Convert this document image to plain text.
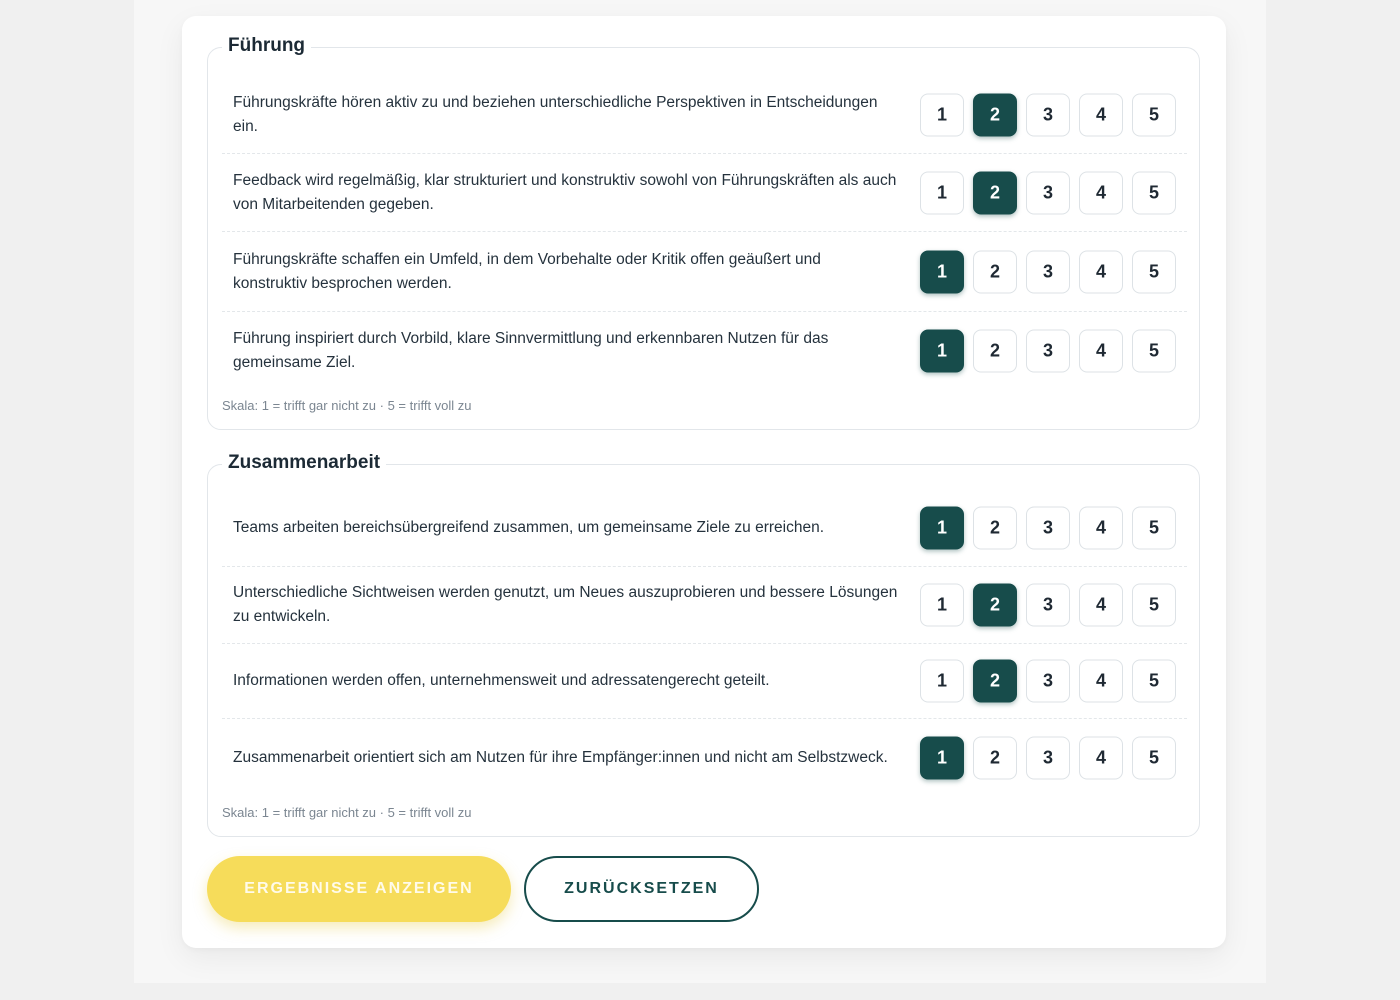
Führung
Führungskräfte hören aktiv zu und beziehen unterschiedliche Perspektiven in Entscheidungen ein.
1	2	3	4	5
Feedback wird regelmäßig, klar strukturiert und konstruktiv sowohl von Führungskräften als auch von Mitarbeitenden gegeben.
1	2	3	4	5
Führungskräfte schaffen ein Umfeld, in dem Vorbehalte oder Kritik offen geäußert und konstruktiv besprochen werden.
1	2	3	4	5
Führung inspiriert durch Vorbild, klare Sinnvermittlung und erkennbaren Nutzen für das gemeinsame Ziel.
1	2	3	4	5
Skala: 1 = trifft gar nicht zu · 5 = trifft voll zu
Zusammenarbeit
Teams arbeiten bereichsübergreifend zusammen, um gemeinsame Ziele zu erreichen.	1	2	3	4	5
Unterschiedliche Sichtweisen werden genutzt, um Neues auszuprobieren und bessere Lösungen zu entwickeln.
1	2	3	4	5
Informationen werden offen, unternehmensweit und adressatengerecht geteilt.	1	2	3	4	5
Zusammenarbeit orientiert sich am Nutzen für ihre Empfänger:innen und nicht am Selbstzweck.	1	2	3	4	5
Skala: 1 = trifft gar nicht zu · 5 = trifft voll zu
ERGEBNISSE ANZEIGEN	ZURÜCKSETZEN
